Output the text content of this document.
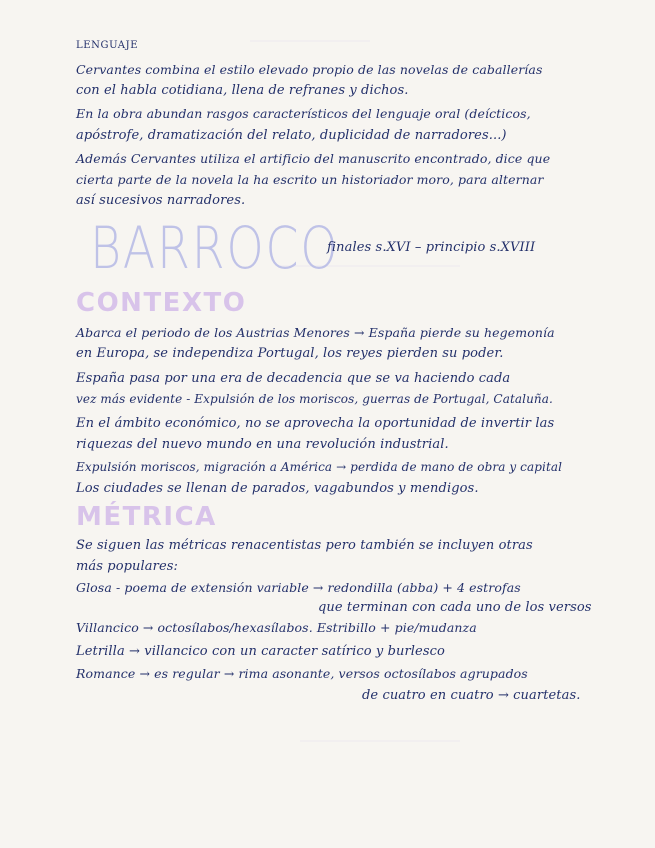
LENGUAJE
Cervantes combina el estilo elevado propio de las novelas de caballerías
con el habla cotidiana, llena de refranes y dichos.
En la obra abundan rasgos característicos del lenguaje oral (deícticos,
apóstrofe, dramatización del relato, duplicidad de narradores...)
Además Cervantes utiliza el artificio del manuscrito encontrado, dice que
cierta parte de la novela la ha escrito un historiador moro, para alternar
así sucesivos narradores.
BARROCO
finales s.XVI – principio s.XVIII
CONTEXTO
Abarca el periodo de los Austrias Menores → España pierde su hegemonía
en Europa, se independiza Portugal, los reyes pierden su poder.
España pasa por una era de decadencia que se va haciendo cada
vez más evidente - Expulsión de los moriscos, guerras de Portugal, Cataluña.
En el ámbito económico, no se aprovecha la oportunidad de invertir las
riquezas del nuevo mundo en una revolución industrial.
Expulsión moriscos, migración a América → perdida de mano de obra y capital
Los ciudades se llenan de parados, vagabundos y mendigos.
MÉTRICA
Se siguen las métricas renacentistas pero también se incluyen otras
más populares:
Glosa - poema de extensión variable → redondilla (abba) + 4 estrofas
que terminan con cada uno de los versos
Villancico → octosílabos/hexasílabos. Estribillo + pie/mudanza
Letrilla → villancico con un caracter satírico y burlesco
Romance → es regular → rima asonante, versos octosílabos agrupados
de cuatro en cuatro → cuartetas.
